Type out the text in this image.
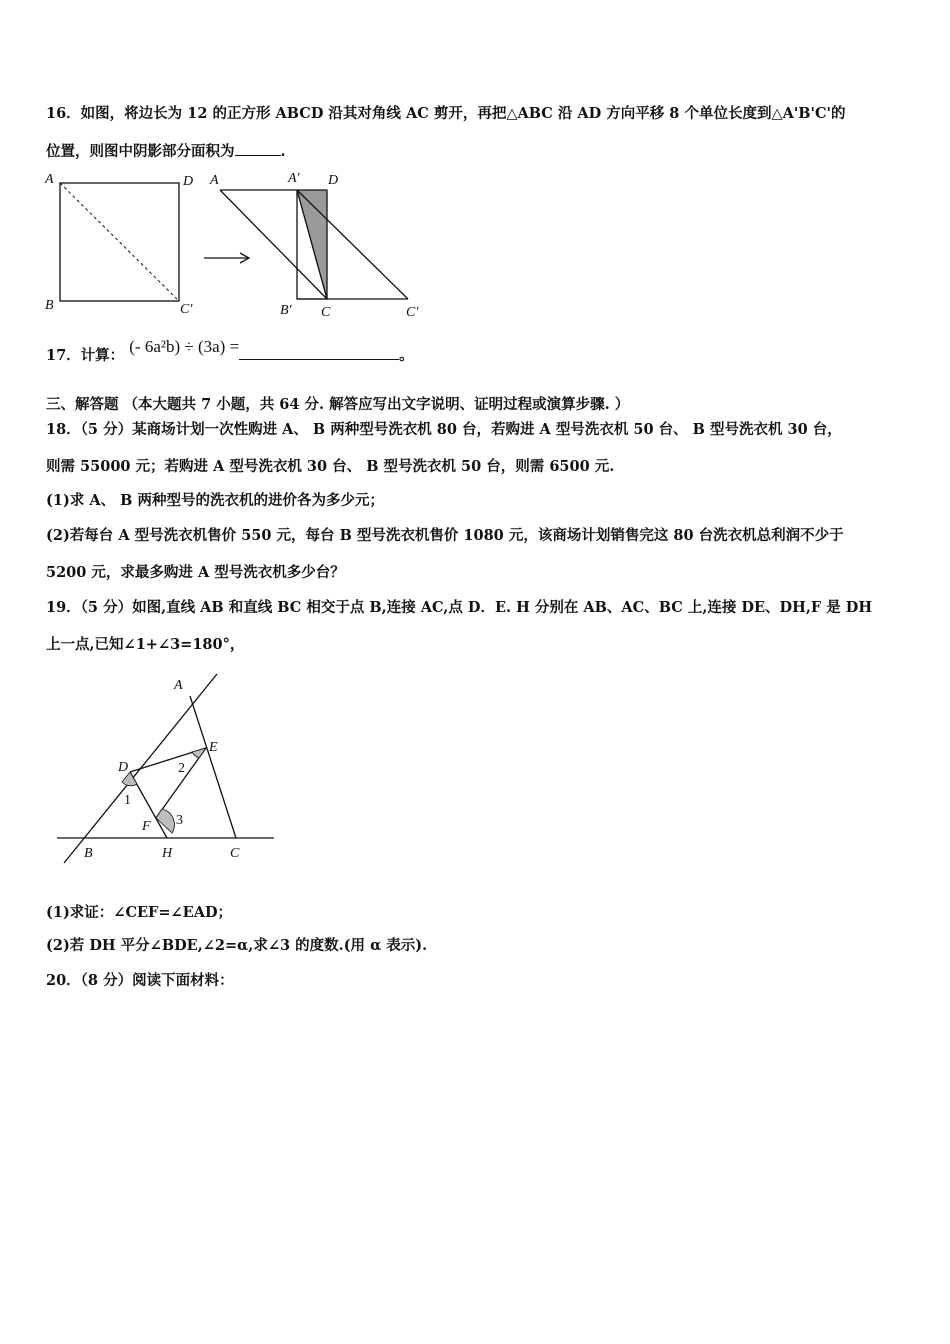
16．如图，将边长为 12 的正方形 ABCD 沿其对角线 AC 剪开，再把△ABC 沿 AD 方向平移 8 个单位长度到△A'B'C'的
位置，则图中阴影部分面积为	.
A	D
B	C'
A	A′ D
B′ C	C′
17．计算： (- 6a²b) ÷ (3a) =	。
三、解答题 （本大题共 7 小题，共 64 分. 解答应写出文字说明、证明过程或演算步骤. ）
18．（5 分）某商场计划一次性购进 A、 B 两种型号洗衣机 80 台，若购进 A 型号洗衣机 50 台、 B 型号洗衣机 30 台，
则需 55000 元；若购进 A 型号洗衣机 30 台、 B 型号洗衣机 50 台，则需 6500 元.
(1)求 A、 B 两种型号的洗衣机的进价各为多少元；
(2)若每台 A 型号洗衣机售价 550 元，每台 B 型号洗衣机售价 1080 元，该商场计划销售完这 80 台洗衣机总利润不少于
5200 元，求最多购进 A 型号洗衣机多少台？
19．（5 分）如图,直线 AB 和直线 BC 相交于点 B,连接 AC,点 D．E. H 分别在 AB、AC、BC 上,连接 DE、DH,F 是 DH
上一点,已知∠1+∠3=180°，
A
D
E
F
B	H	C
1
2
3
(1)求证：∠CEF=∠EAD；
(2)若 DH 平分∠BDE,∠2=α,求∠3 的度数.(用 α 表示).
20．（8 分）阅读下面材料：
